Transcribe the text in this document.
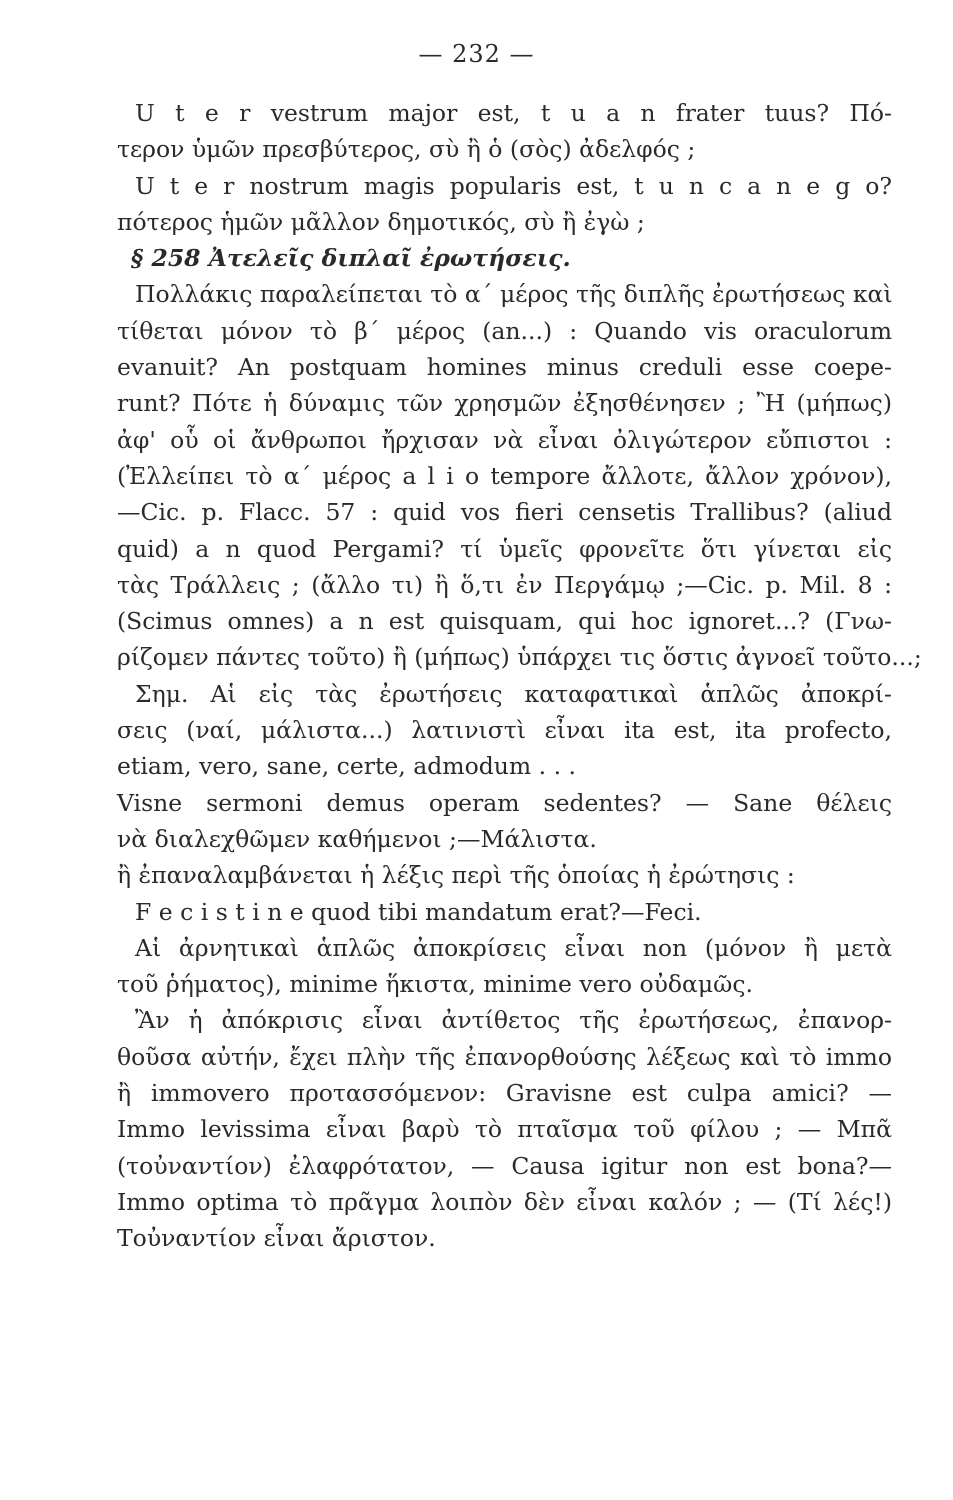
— 232 —
U t e r vestrum major est, t u a n frater tuus? Πό-
τερον ὑμῶν πρεσβύτερος, σὺ ἢ ὁ (σὸς) ἀδελφός ;
U t e r nostrum magis popularis est, t u n c a n e g o?
πότερος ἡμῶν μᾶλλον δημοτικός, σὺ ἢ ἐγὼ ;
§ 258 Ἀτελεῖς διπλαῖ ἐρωτήσεις.
Πολλάκις παραλείπεται τὸ α΄ μέρος τῆς διπλῆς ἐρωτήσεως καὶ
τίθεται μόνον τὸ β΄ μέρος (an...) : Quando vis oraculorum
evanuit? An postquam homines minus creduli esse coepe-
runt? Πότε ἡ δύναμις τῶν χρησμῶν ἐξησθένησεν ; Ἢ (μήπως)
ἀφ' οὗ οἱ ἄνθρωποι ἤρχισαν νὰ εἶναι ὀλιγώτερον εὔπιστοι :
(Ἐλλείπει τὸ α΄ μέρος a l i o tempore ἄλλοτε, ἄλλον χρόνον),
—Cic. p. Flacc. 57 : quid vos fieri censetis Trallibus? (aliud
quid) a n quod Pergami? τί ὑμεῖς φρονεῖτε ὅτι γίνεται εἰς
τὰς Τράλλεις ; (ἄλλο τι) ἢ ὅ,τι ἐν Περγάμῳ ;—Cic. p. Mil. 8 :
(Scimus omnes) a n est quisquam, qui hoc ignoret...? (Γνω-
ρίζομεν πάντες τοῦτο) ἢ (μήπως) ὑπάρχει τις ὅστις ἀγνοεῖ τοῦτο...;
Σημ. Αἱ εἰς τὰς ἐρωτήσεις καταφατικαὶ ἁπλῶς ἀποκρί-
σεις (ναί, μάλιστα...) λατινιστὶ εἶναι ita est, ita profecto,
etiam, vero, sane, certe, admodum . . .
Visne sermoni demus operam sedentes? — Sane θέλεις
νὰ διαλεχθῶμεν καθήμενοι ;—Μάλιστα.
ἢ ἐπαναλαμβάνεται ἡ λέξις περὶ τῆς ὁποίας ἡ ἐρώτησις :
F e c i s t i n e quod tibi mandatum erat?—Feci.
Αἱ ἀρνητικαὶ ἁπλῶς ἀποκρίσεις εἶναι non (μόνον ἢ μετὰ
τοῦ ῥήματος), minime ἥκιστα, minime vero οὐδαμῶς.
Ἂν ἡ ἀπόκρισις εἶναι ἀντίθετος τῆς ἐρωτήσεως, ἐπανορ-
θοῦσα αὐτήν, ἔχει πλὴν τῆς ἐπανορθούσης λέξεως καὶ τὸ immo
ἢ immovero προτασσόμενον: Gravisne est culpa amici? —
Immo levissima εἶναι βαρὺ τὸ πταῖσμα τοῦ φίλου ; — Μπᾶ
(τοὐναντίον) ἐλαφρότατον, — Causa igitur non est bona?—
Immo optima τὸ πρᾶγμα λοιπὸν δὲν εἶναι καλόν ; — (Τί λές!)
Τοὐναντίον εἶναι ἄριστον.
